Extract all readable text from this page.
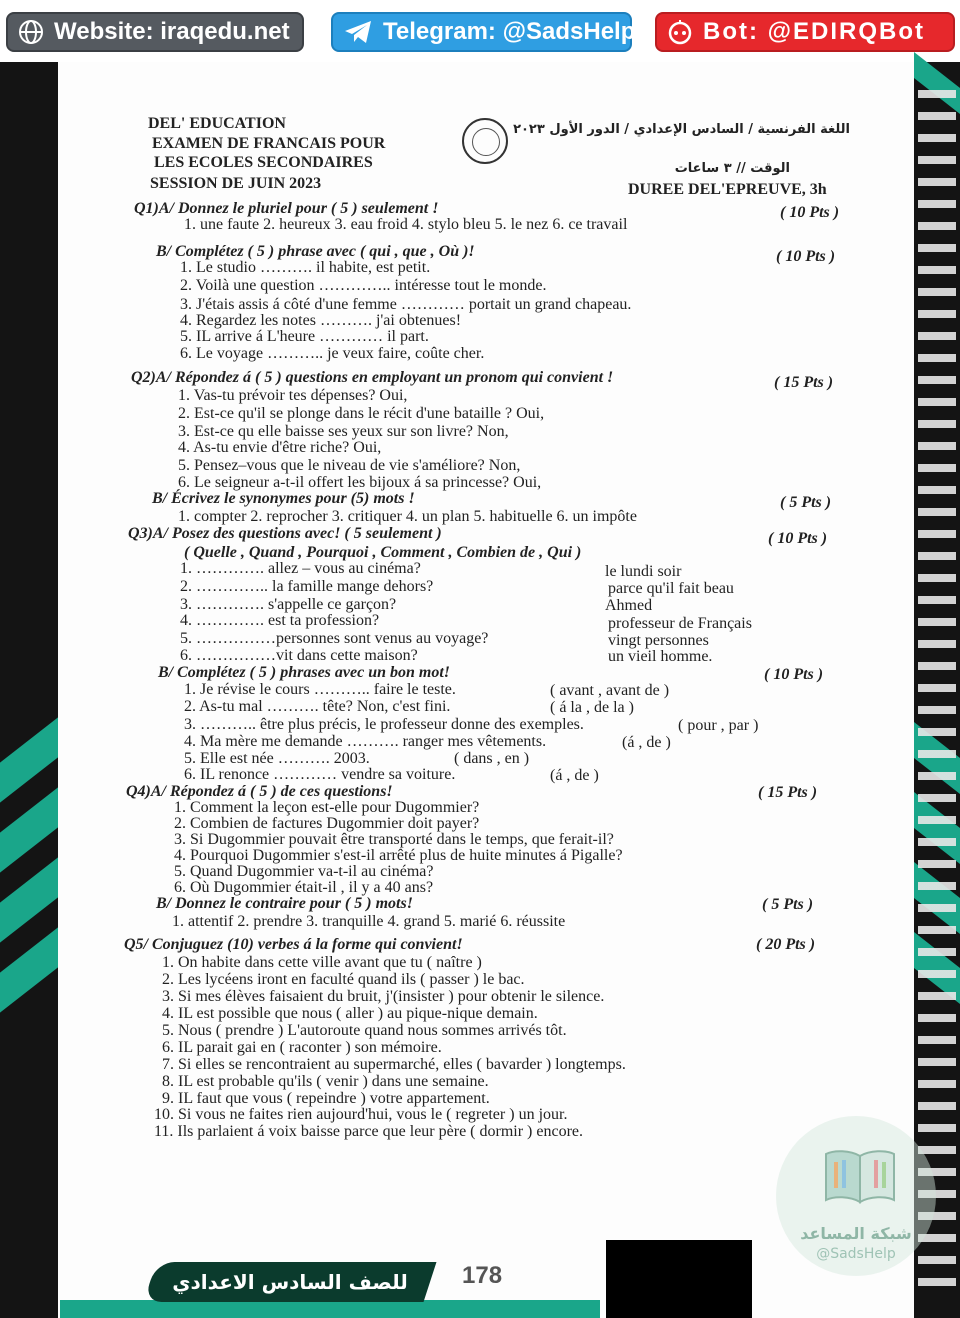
Website: iraqedu.net	Telegram: @SadsHelp	Bot: @EDIRQBot
DEL' EDUCATION
EXAMEN DE FRANCAIS POUR
LES ECOLES SECONDAIRES
SESSION DE JUIN 2023
اللغة الفرنسية / السادس الإعدادي / الدور الأول ٢٠٢٣
الوقت // ٣ ساعات
DUREE DEL'EPREUVE, 3h
Q1)A/ Donnez le pluriel pour ( 5 ) seulement !	( 10 Pts )
1. une faute 2. heureux 3. eau froid 4. stylo bleu 5. le nez 6. ce travail
B/ Complétez ( 5 ) phrase avec ( qui , que , Où )!	( 10 Pts )
1. Le studio ………. il habite, est petit.
2. Voilà une question ………….. intéresse tout le monde.
3. J'étais assis á côté d'une femme ………… portait un grand chapeau.
4. Regardez les notes ………. j'ai obtenues!
5. IL arrive á L'heure ………… il part.
6. Le voyage ……….. je veux faire, coûte cher.
Q2)A/ Répondez á ( 5 ) questions en employant un pronom qui convient !	( 15 Pts )
1. Vas-tu prévoir tes dépenses? Oui,
2. Est-ce qu'il se plonge dans le récit d'une bataille ? Oui,
3. Est-ce qu elle baisse ses yeux sur son livre? Non,
4. As-tu envie d'être riche? Oui,
5. Pensez–vous que le niveau de vie s'améliore? Non,
6. Le seigneur a-t-il offert les bijoux á sa princesse? Oui,
B/ Écrivez le synonymes pour (5) mots !	( 5 Pts )
1. compter 2. reprocher 3. critiquer 4. un plan 5. habituelle 6. un impôte
Q3)A/ Posez des questions avec! ( 5 seulement )	( 10 Pts )
( Quelle , Quand , Pourquoi , Comment , Combien de , Qui )
1. …………. allez – vous au cinéma?	le lundi soir
2. ………….. la famille mange dehors?	parce qu'il fait beau
3. …………. s'appelle ce garçon?	Ahmed
4. …………. est ta profession?	professeur de Français
5. ……………personnes sont venus au voyage?	vingt personnes
6. ……………vit dans cette maison?	un vieil homme.
B/ Complétez ( 5 ) phrases avec un bon mot!	( 10 Pts )
1. Je révise le cours ……….. faire le teste.	( avant , avant de )
2. As-tu mal ………. tête? Non, c'est fini.	( á la , de la )
3. ……….. être plus précis, le professeur donne des exemples.	( pour , par )
4. Ma mère me demande ………. ranger mes vêtements.	(á , de )
5. Elle est née ………. 2003.	( dans , en )
6. IL renonce ………… vendre sa voiture.	(á , de )
Q4)A/ Répondez á ( 5 ) de ces questions!	( 15 Pts )
1. Comment la leçon est-elle pour Dugommier?
2. Combien de factures Dugommier doit payer?
3. Si Dugommier pouvait être transporté dans le temps, que ferait-il?
4. Pourquoi Dugommier s'est-il arrêté plus de huite minutes á Pigalle?
5. Quand Dugommier va-t-il au cinéma?
6. Où Dugommier était-il , il y a 40 ans?
B/ Donnez le contraire pour ( 5 ) mots!	( 5 Pts )
1. attentif 2. prendre 3. tranquille 4. grand 5. marié 6. réussite
Q5/ Conjuguez (10) verbes á la forme qui convient!	( 20 Pts )
1. On habite dans cette ville avant que tu ( naître )
2. Les lycéens iront en faculté quand ils ( passer ) le bac.
3. Si mes élèves faisaient du bruit, j'(insister ) pour obtenir le silence.
4. IL est possible que nous ( aller ) au pique-nique demain.
5. Nous ( prendre ) L'autoroute quand nous sommes arrivés tôt.
6. IL parait gai en ( raconter ) son mémoire.
7. Si elles se rencontraient au supermarché, elles ( bavarder ) longtemps.
8. IL est probable qu'ils ( venir ) dans une semaine.
9. IL faut que vous ( repeindre ) votre appartement.
10. Si vous ne faites rien aujourd'hui, vous le ( regreter ) un jour.
11. Ils parlaient á voix baisse parce que leur père ( dormir ) encore.
شبكة المساعد
@SadsHelp
للصف السادس الاعدادي	178
